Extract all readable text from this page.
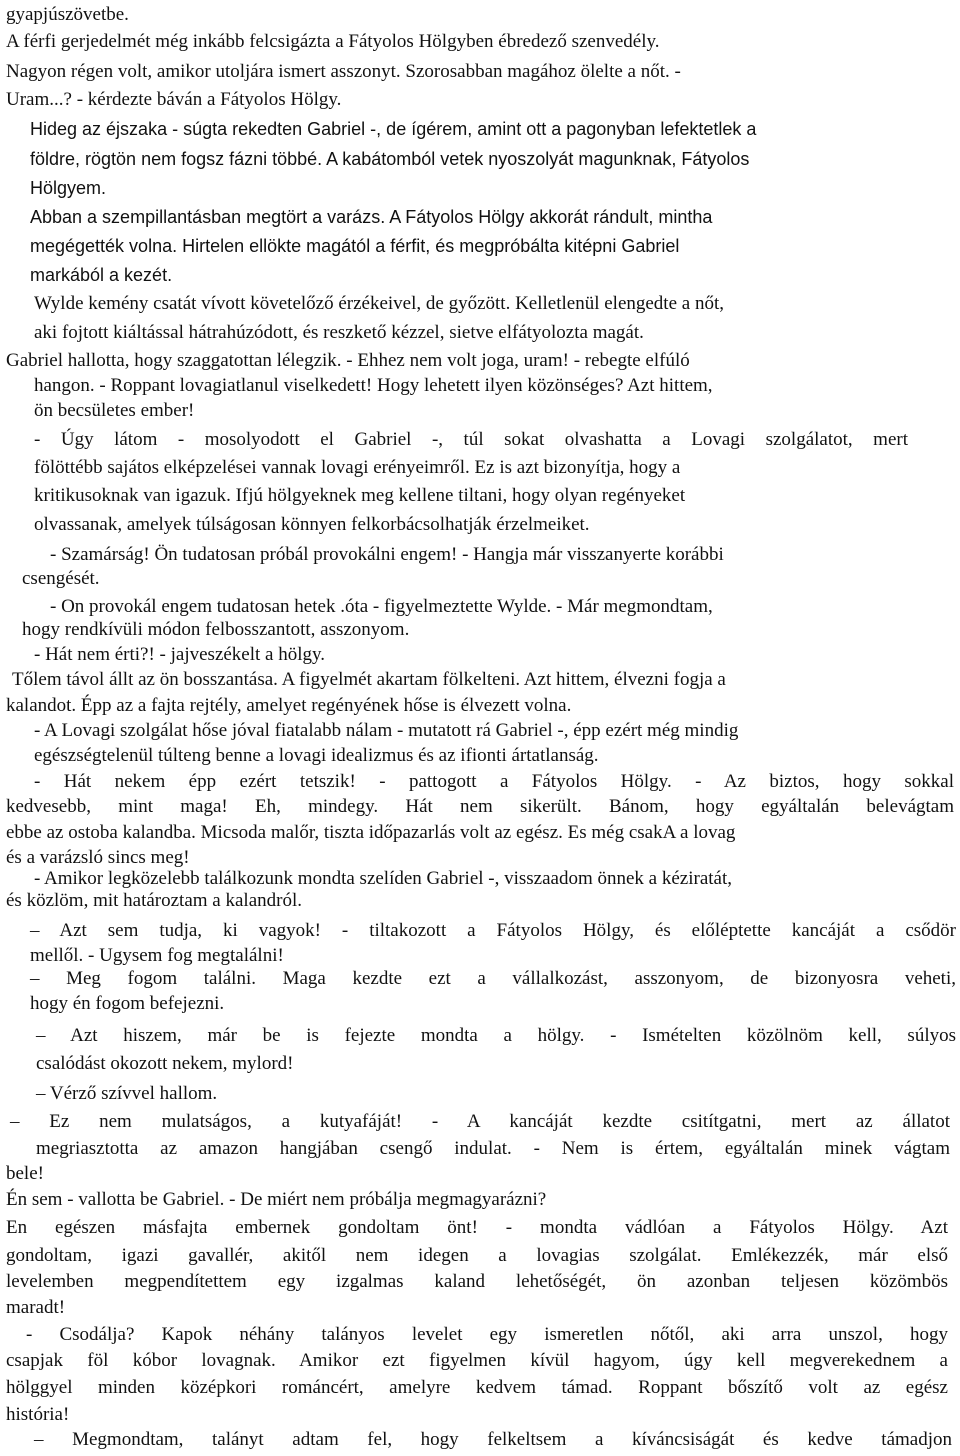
gyapjúszövetbe.
A férfi gerjedelmét még inkább felcsigázta a Fátyolos Hölgyben ébredező szenvedély.
Nagyon régen volt, amikor utoljára ismert asszonyt. Szorosabban magához ölelte a nőt. -
Uram...? - kérdezte báván a Fátyolos Hölgy.
Hideg az éjszaka - súgta rekedten Gabriel -, de ígérem, amint ott a pagonyban lefektetlek a
földre, rögtön nem fogsz fázni többé. A kabátomból vetek nyoszolyát magunknak, Fátyolos
Hölgyem.
Abban a szempillantásban megtört a varázs. A Fátyolos Hölgy akkorát rándult, mintha
megégették volna. Hirtelen ellökte magától a férfit, és megpróbálta kitépni Gabriel
markából a kezét.
Wylde kemény csatát vívott követelőző érzékeivel, de győzött. Kelletlenül elengedte a nőt,
aki fojtott kiáltással hátrahúzódott, és reszkető kézzel, sietve elfátyolozta magát.
Gabriel hallotta, hogy szaggatottan lélegzik. - Ehhez nem volt joga, uram! - rebegte elfúló
hangon. - Roppant lovagiatlanul viselkedett! Hogy lehetett ilyen közönséges? Azt hittem,
ön becsületes ember!
- Úgy látom - mosolyodott el Gabriel -, túl sokat olvashatta a Lovagi szolgálatot, mert
fölöttébb sajátos elképzelései vannak lovagi erényeimről. Ez is azt bizonyítja, hogy a
kritikusoknak van igazuk. Ifjú hölgyeknek meg kellene tiltani, hogy olyan regényeket
olvassanak, amelyek túlságosan könnyen felkorbácsolhatják érzelmeiket.
- Szamárság! Ön tudatosan próbál provokálni engem! - Hangja már visszanyerte korábbi
csengését.
- On provokál engem tudatosan hetek .óta - figyelmeztette Wylde. - Már megmondtam,
hogy rendkívüli módon felbosszantott, asszonyom.
- Hát nem érti?! - jajveszékelt a hölgy.
Tőlem távol állt az ön bosszantása. A figyelmét akartam fölkelteni. Azt hittem, élvezni fogja a
kalandot. Épp az a fajta rejtély, amelyet regényének hőse is élvezett volna.
- A Lovagi szolgálat hőse jóval fiatalabb nálam - mutatott rá Gabriel -, épp ezért még mindig
egészségtelenül túlteng benne a lovagi idealizmus és az ifionti ártatlanság.
- Hát nekem épp ezért tetszik! - pattogott a Fátyolos Hölgy. - Az biztos, hogy sokkal
kedvesebb, mint maga! Eh, mindegy. Hát nem sikerült. Bánom, hogy egyáltalán belevágtam
ebbe az ostoba kalandba. Micsoda malőr, tiszta időpazarlás volt az egész. Es még csakA a lovag
és a varázsló sincs meg!
- Amikor legközelebb találkozunk mondta szelíden Gabriel -, visszaadom önnek a kéziratát,
és közlöm, mit határoztam a kalandról.
– Azt sem tudja, ki vagyok! - tiltakozott a Fátyolos Hölgy, és előléptette kancáját a csődör
mellől. - Ugysem fog megtalálni!
– Meg fogom találni. Maga kezdte ezt a vállalkozást, asszonyom, de bizonyosra veheti,
hogy én fogom befejezni.
– Azt hiszem, már be is fejezte mondta a hölgy. - Ismételten közölnöm kell, súlyos
csalódást okozott nekem, mylord!
– Vérző szívvel hallom.
– Ez nem mulatságos, a kutyafáját! - A kancáját kezdte csitítgatni, mert az állatot
megriasztotta az amazon hangjában csengő indulat. - Nem is értem, egyáltalán minek vágtam
bele!
Én sem - vallotta be Gabriel. - De miért nem próbálja megmagyarázni?
En egészen másfajta embernek gondoltam önt! - mondta vádlóan a Fátyolos Hölgy. Azt
gondoltam, igazi gavallér, akitől nem idegen a lovagias szolgálat. Emlékezzék, már első
levelemben megpendítettem egy izgalmas kaland lehetőségét, ön azonban teljesen közömbös
maradt!
- Csodálja? Kapok néhány talányos levelet egy ismeretlen nőtől, aki arra unszol, hogy
csapjak föl kóbor lovagnak. Amikor ezt figyelmen kívül hagyom, úgy kell megverekednem a
hölggyel minden középkori románcért, amelyre kedvem támad. Roppant bőszítő volt az egész
história!
– Megmondtam, talányt adtam fel, hogy felkeltsem a kíváncsiságát és kedve támadjon
